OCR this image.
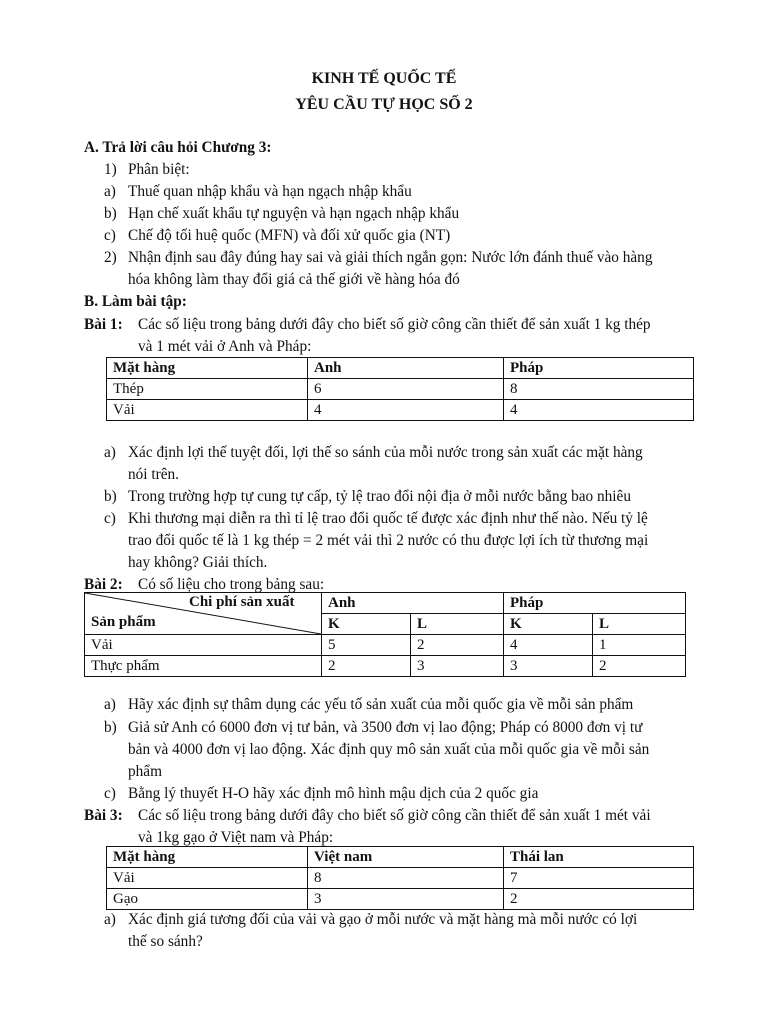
KINH TẾ QUỐC TẾ
YÊU CẦU TỰ HỌC SỐ 2
A. Trả lời câu hỏi Chương 3:
1) Phân biệt:
a) Thuế quan nhập khẩu và hạn ngạch nhập khẩu
b) Hạn chế xuất khẩu tự nguyện và hạn ngạch nhập khẩu
c) Chế độ tối huệ quốc (MFN) và đối xử quốc gia (NT)
2) Nhận định sau đây đúng hay sai và giải thích ngắn gọn: Nước lớn đánh thuế vào hàng
hóa không làm thay đổi giá cả thế giới về hàng hóa đó
B. Làm bài tập:
Bài 1: Các số liệu trong bảng dưới đây cho biết số giờ công cần thiết để sản xuất 1 kg thép
và 1 mét vải ở Anh và Pháp:
Mặt hàng	Anh	Pháp
Thép	6	8
Vải	4	4
a) Xác định lợi thế tuyệt đối, lợi thế so sánh của mỗi nước trong sản xuất các mặt hàng
nói trên.
b) Trong trường hợp tự cung tự cấp, tỷ lệ trao đổi nội địa ở mỗi nước bằng bao nhiêu
c) Khi thương mại diễn ra thì tỉ lệ trao đổi quốc tế được xác định như thế nào. Nếu tỷ lệ
trao đổi quốc tế là 1 kg thép = 2 mét vải thì 2 nước có thu được lợi ích từ thương mại
hay không? Giải thích.
Bài 2: Có số liệu cho trong bảng sau:
Chi phí sản xuất
Sản phẩm	Anh		Pháp	
	K	L	K	L
Vải	5	2	4	1
Thực phẩm	2	3	3	2
a) Hãy xác định sự thâm dụng các yếu tố sản xuất của mỗi quốc gia về mỗi sản phẩm
b) Giả sử Anh có 6000 đơn vị tư bản, và 3500 đơn vị lao động; Pháp có 8000 đơn vị tư
bản và 4000 đơn vị lao động. Xác định quy mô sản xuất của mỗi quốc gia về mỗi sản
phẩm
c) Bằng lý thuyết H-O hãy xác định mô hình mậu dịch của 2 quốc gia
Bài 3: Các số liệu trong bảng dưới đây cho biết số giờ công cần thiết để sản xuất 1 mét vải
và 1kg gạo ở Việt nam và Pháp:
Mặt hàng	Việt nam	Thái lan
Vải	8	7
Gạo	3	2
a) Xác định giá tương đối của vải và gạo ở mỗi nước và mặt hàng mà mỗi nước có lợi
thế so sánh?
